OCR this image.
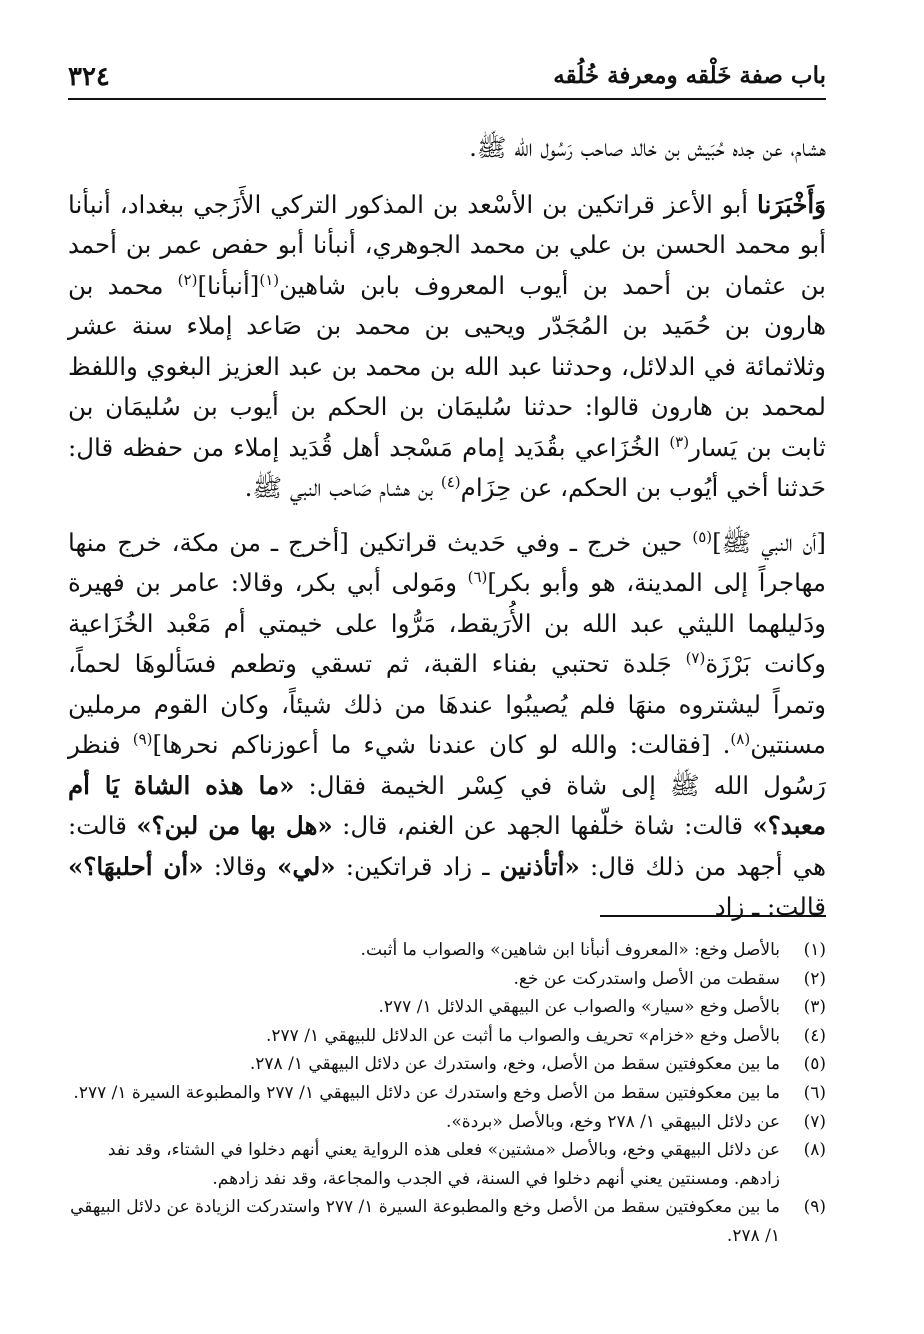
٣٢٤	باب صفة خَلْقه ومعرفة خُلُقه

هشام، عن جده حُبَيش بن خالد صاحب رَسُول الله ﷺ.

وَأَخْبَرَنا أبو الأعز قراتكين بن الأسْعد بن المذكور التركي الأَزَجي ببغداد، أنبأنا أبو محمد الحسن بن علي بن محمد الجوهري، أنبأنا أبو حفص عمر بن أحمد بن عثمان بن أحمد بن أيوب المعروف بابن شاهين$^{(١)}$[أنبأنا]$^{(٢)}$ محمد بن هارون بن حُمَيد بن المُجَدّر ويحيى بن محمد بن صَاعد إملاء سنة عشر وثلاثمائة في الدلائل، وحدثنا عبد الله بن محمد بن عبد العزيز البغوي واللفظ لمحمد بن هارون قالوا: حدثنا سُليمَان بن الحكم بن أيوب بن سُليمَان بن ثابت بن يَسار$^{(٣)}$ الخُزَاعي بقُدَيد إمام مَسْجد أهل قُدَيد إملاء من حفظه قال: حَدثنا أخي أيُوب بن الحكم، عن حِزَام$^{(٤)}$ بن هشام صَاحب النبي ﷺ.

[أن النبي ﷺ]$^{(٥)}$ حين خرج ـ وفي حَديث قراتكين [أخرج ـ من مكة، خرج منها مهاجراً إلى المدينة، هو وأبو بكر]$^{(٦)}$ ومَولى أبي بكر، وقالا: عامر بن فهيرة ودَليلهما الليثي عبد الله بن الأُرَيقط، مَرُّوا على خيمتي أم مَعْبد الخُزَاعية وكانت بَرْزَة$^{(٧)}$ جَلدة تحتبي بفناء القبة، ثم تسقي وتطعم فسَألوهَا لحماً، وتمراً ليشتروه منهَا فلم يُصيبُوا عندهَا من ذلك شيئاً، وكان القوم مرملين مسنتين$^{(٨)}$. [فقالت: والله لو كان عندنا شيء ما أعوزناكم نحرها]$^{(٩)}$ فنظر رَسُول الله ﷺ إلى شاة في كِسْر الخيمة فقال: «ما هذه الشاة يَا أم معبد؟» قالت: شاة خلّفها الجهد عن الغنم، قال: «هل بها من لبن؟» قالت: هي أجهد من ذلك قال: «أتأذنين ـ زاد قراتكين: «لي» وقالا: «أن أحلبهَا؟» قالت: ـ زاد

(١)
بالأصل وخع: «المعروف أنبأنا ابن شاهين» والصواب ما أثبت.
(٢)
سقطت من الأصل واستدركت عن خع.
(٣)
بالأصل وخع «سيار» والصواب عن البيهقي الدلائل ١/ ٢٧٧.
(٤)
بالأصل وخع «خزام» تحريف والصواب ما أثبت عن الدلائل للبيهقي ١/ ٢٧٧.
(٥)
ما بين معكوفتين سقط من الأصل، وخع، واستدرك عن دلائل البيهقي ١/ ٢٧٨.
(٦)
ما بين معكوفتين سقط من الأصل وخع واستدرك عن دلائل البيهقي ١/ ٢٧٧ والمطبوعة السيرة ١/ ٢٧٧.
(٧)
عن دلائل البيهقي ١/ ٢٧٨ وخع، وبالأصل «بردة».
(٨)
عن دلائل البيهقي وخع، وبالأصل «مشتين» فعلى هذه الرواية يعني أنهم دخلوا في الشتاء، وقد نفد زادهم. ومسنتين يعني أنهم دخلوا في السنة، في الجدب والمجاعة، وقد نفد زادهم.
(٩)
ما بين معكوفتين سقط من الأصل وخع والمطبوعة السيرة ١/ ٢٧٧ واستدركت الزيادة عن دلائل البيهقي ١/ ٢٧٨.
